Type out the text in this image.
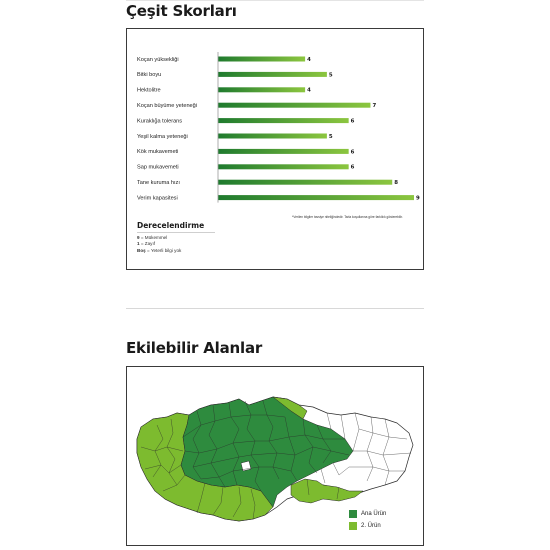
Çeşit Skorları
Koçan yüksekliği	4
Bitki boyu	5
Hektolitre	4
Koçan büyüme yeteneği	7
Kuraklığa tolerans	6
Yeşil kalma yeteneği	5
Kök mukavemeti	6
Sap mukavemeti	6
Tane kuruma hızı	8
Verim kapasitesi	9
*Verilen bilgiler tavsiye niteliğindedir. Tarla koşullarına göre farklılık gösterebilir.
Derecelendirme
9 = Mükemmel
1 = Zayıf
Boş = Yeterli bilgi yok
Ekilebilir Alanlar
Ana Ürün
2. Ürün
